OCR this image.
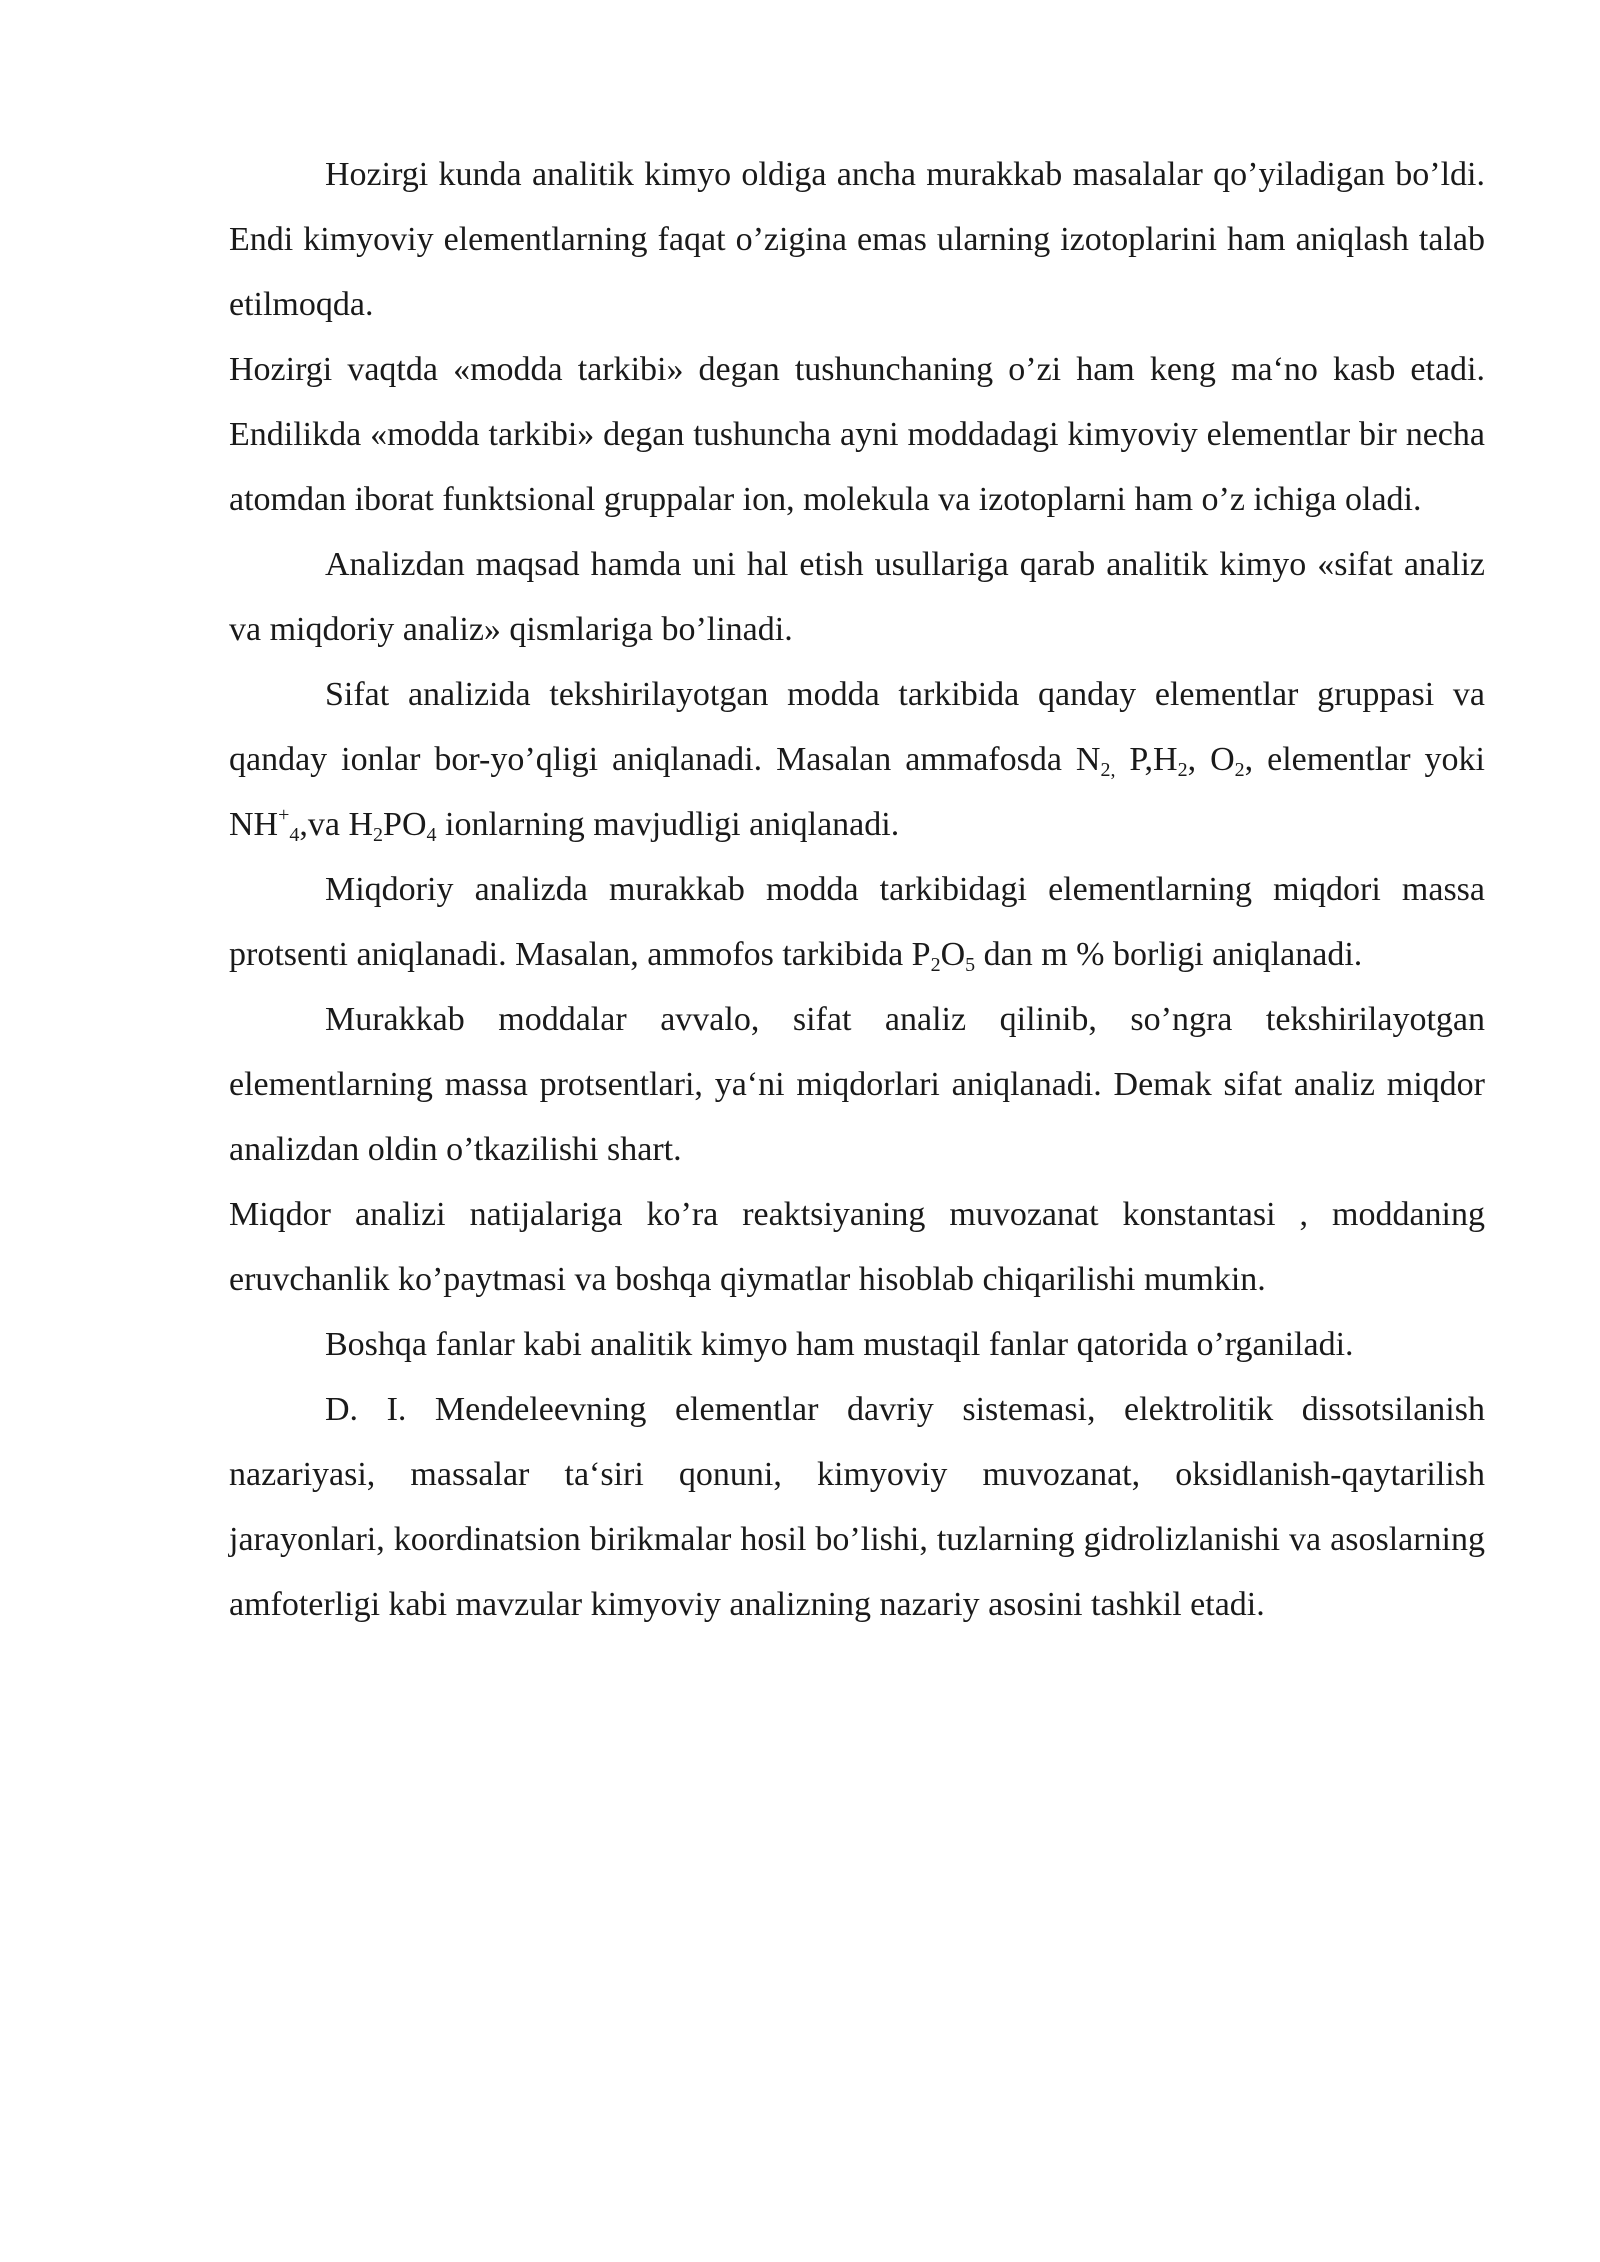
Hozirgi kunda analitik kimyo oldiga ancha murakkab masalalar qo’yiladigan bo’ldi. Endi kimyoviy elementlarning faqat o’zigina emas ularning izotoplarini ham aniqlash talab etilmoqda.

Hozirgi vaqtda «modda tarkibi» degan tushunchaning o’zi ham keng ma‘no kasb etadi. Endilikda «modda tarkibi» degan tushuncha ayni moddadagi kimyoviy elementlar bir necha atomdan iborat funktsional gruppalar ion, molekula va izotoplarni ham o’z ichiga oladi.

Analizdan maqsad hamda uni hal etish usullariga qarab analitik kimyo «sifat analiz va miqdoriy analiz» qismlariga bo’linadi.

Sifat analizida tekshirilayotgan modda tarkibida qanday elementlar gruppasi va qanday ionlar bor-yo’qligi aniqlanadi. Masalan ammafosda $N_{2,}$ $P,H_2$, $O_2$, elementlar yoki $NH^+_4,va$ $H_2PO_4$ ionlarning mavjudligi aniqlanadi.

Miqdoriy analizda murakkab modda tarkibidagi elementlarning miqdori massa protsenti aniqlanadi. Masalan, ammofos tarkibida $P_2O_5$ dan m % borligi aniqlanadi.

Murakkab moddalar avvalo, sifat analiz qilinib, so’ngra tekshirilayotgan elementlarning massa protsentlari, ya‘ni miqdorlari aniqlanadi. Demak sifat analiz miqdor analizdan oldin o’tkazilishi shart.

Miqdor analizi natijalariga ko’ra reaktsiyaning muvozanat konstantasi , moddaning eruvchanlik ko’paytmasi va boshqa qiymatlar hisoblab chiqarilishi mumkin.

Boshqa fanlar kabi analitik kimyo ham mustaqil fanlar qatorida o’rganiladi.

D. I. Mendeleevning elementlar davriy sistemasi, elektrolitik dissotsilanish nazariyasi, massalar ta‘siri qonuni, kimyoviy muvozanat, oksidlanish-qaytarilish jarayonlari, koordinatsion birikmalar hosil bo’lishi, tuzlarning gidrolizlanishi va asoslarning amfoterligi kabi mavzular kimyoviy analizning nazariy asosini tashkil etadi.
